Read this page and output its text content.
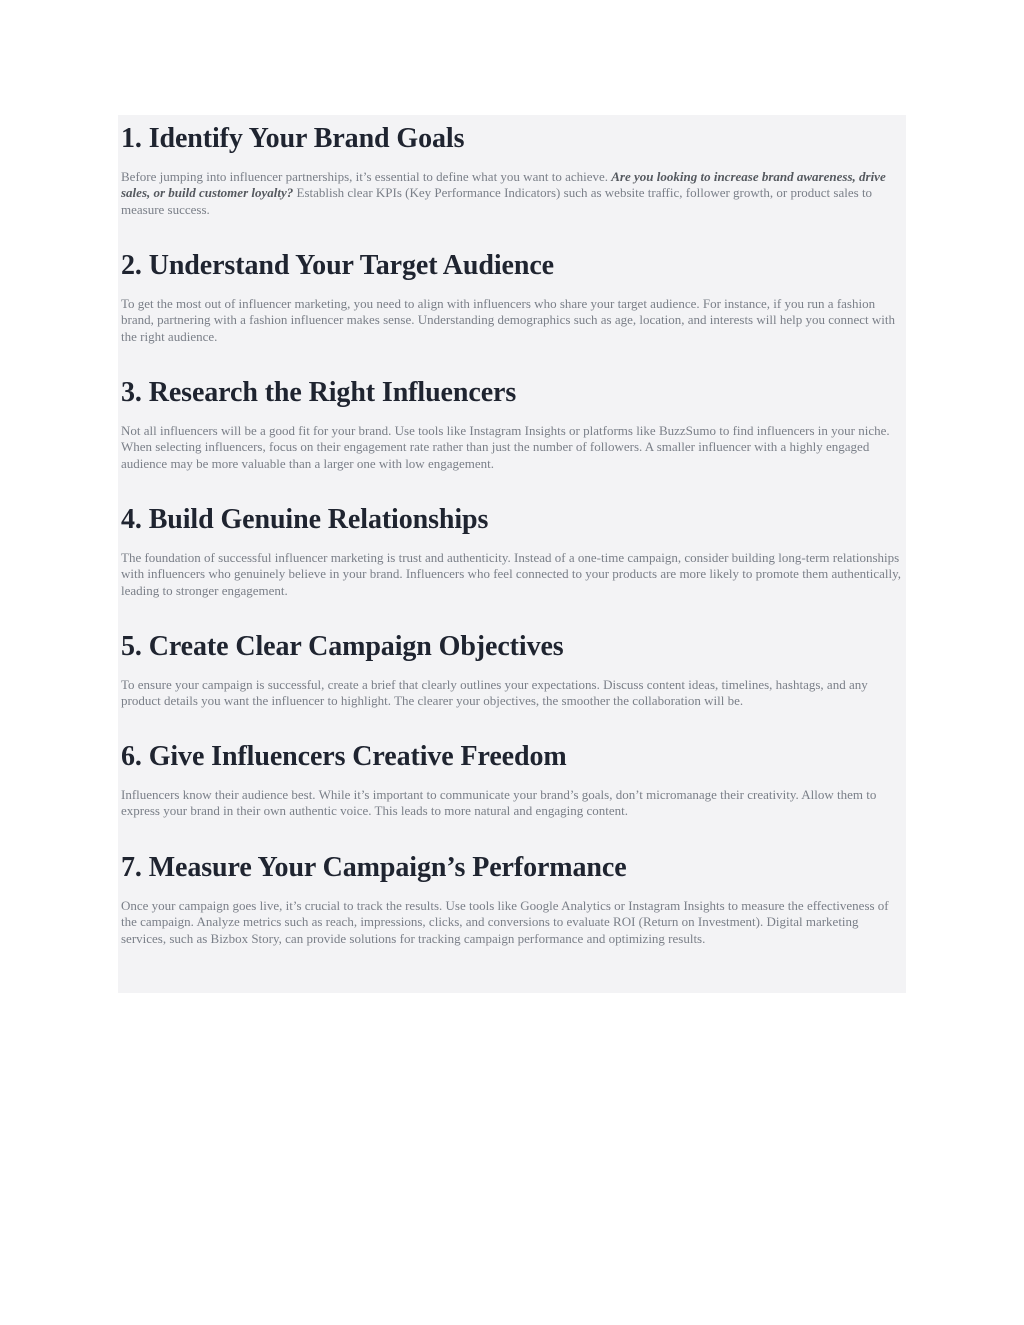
1. Identify Your Brand Goals

Before jumping into influencer partnerships, it’s essential to define what you want to achieve. Are you looking to increase brand awareness, drive sales, or build customer loyalty? Establish clear KPIs (Key Performance Indicators) such as website traffic, follower growth, or product sales to measure success.

2. Understand Your Target Audience

To get the most out of influencer marketing, you need to align with influencers who share your target audience. For instance, if you run a fashion brand, partnering with a fashion influencer makes sense. Understanding demographics such as age, location, and interests will help you connect with the right audience.

3. Research the Right Influencers

Not all influencers will be a good fit for your brand. Use tools like Instagram Insights or platforms like BuzzSumo to find influencers in your niche. When selecting influencers, focus on their engagement rate rather than just the number of followers. A smaller influencer with a highly engaged audience may be more valuable than a larger one with low engagement.

4. Build Genuine Relationships

The foundation of successful influencer marketing is trust and authenticity. Instead of a one-time campaign, consider building long-term relationships with influencers who genuinely believe in your brand. Influencers who feel connected to your products are more likely to promote them authentically, leading to stronger engagement.

5. Create Clear Campaign Objectives

To ensure your campaign is successful, create a brief that clearly outlines your expectations. Discuss content ideas, timelines, hashtags, and any product details you want the influencer to highlight. The clearer your objectives, the smoother the collaboration will be.

6. Give Influencers Creative Freedom

Influencers know their audience best. While it’s important to communicate your brand’s goals, don’t micromanage their creativity. Allow them to express your brand in their own authentic voice. This leads to more natural and engaging content.

7. Measure Your Campaign’s Performance

Once your campaign goes live, it’s crucial to track the results. Use tools like Google Analytics or Instagram Insights to measure the effectiveness of the campaign. Analyze metrics such as reach, impressions, clicks, and conversions to evaluate ROI (Return on Investment). Digital marketing services, such as Bizbox Story, can provide solutions for tracking campaign performance and optimizing results.
